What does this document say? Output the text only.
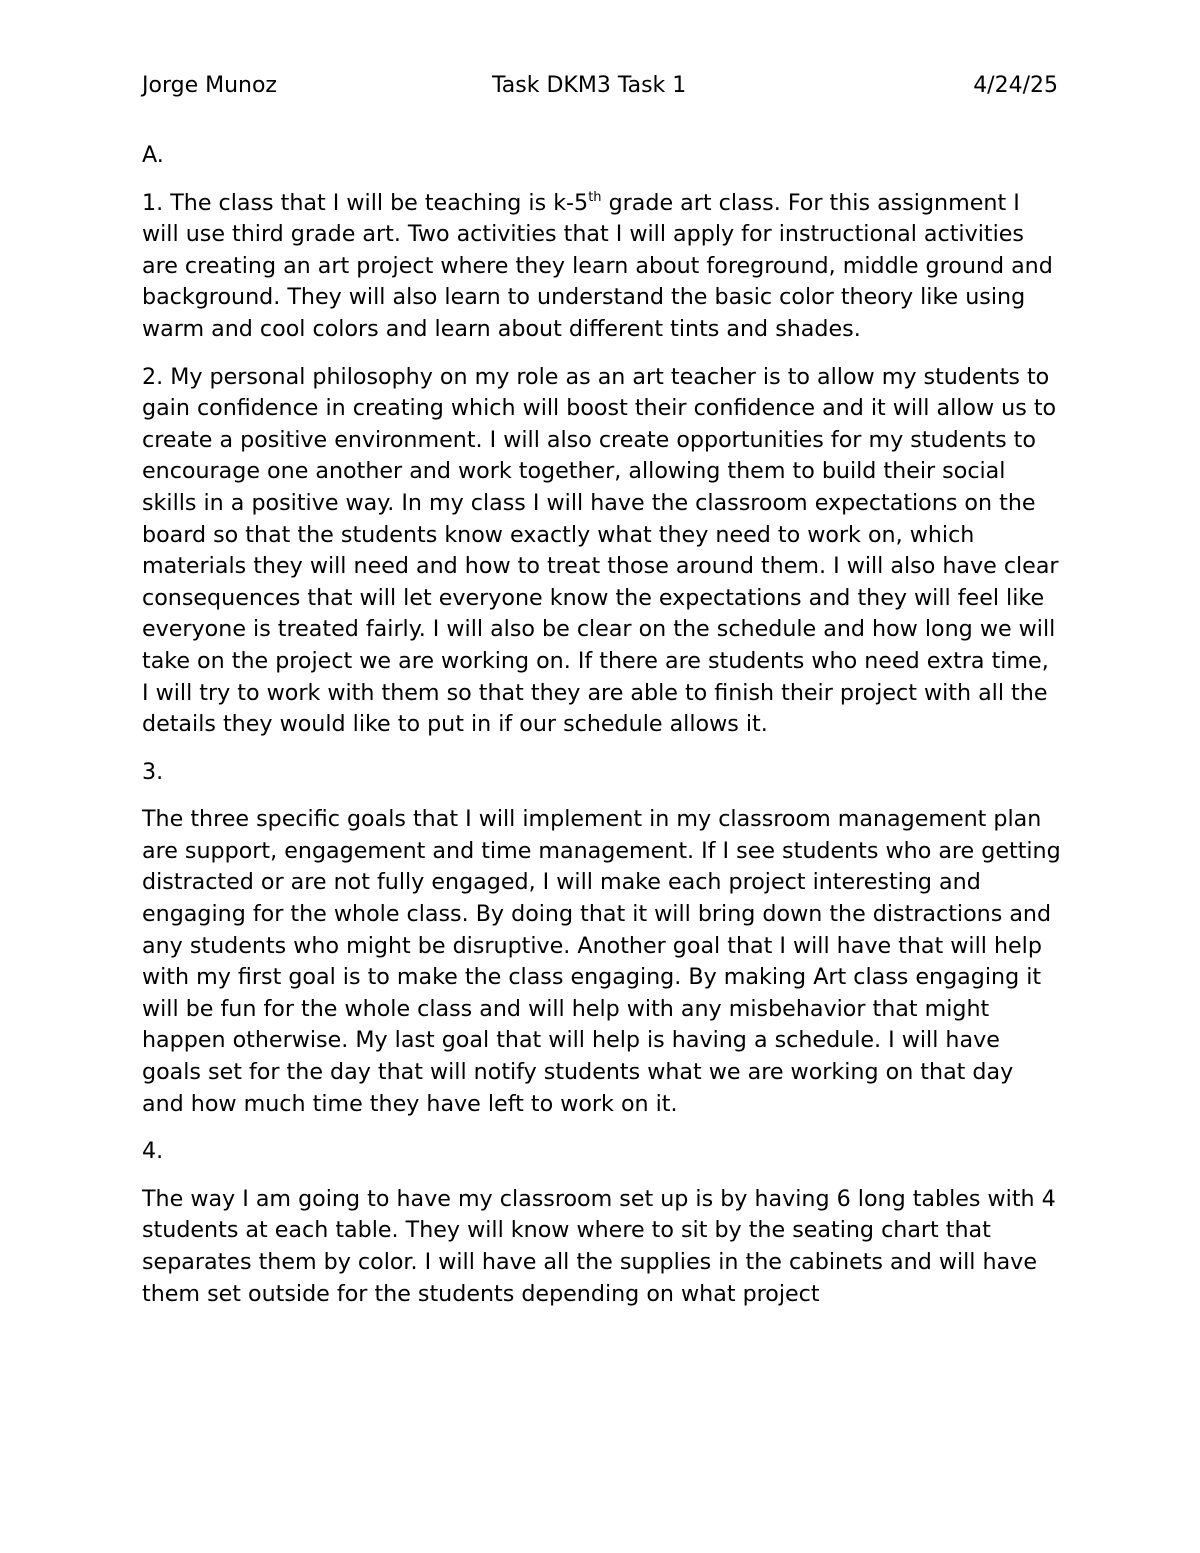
Jorge Munoz	Task DKM3 Task 1	4/24/25

A.

1. The class that I will be teaching is k-5th grade art class. For this assignment I will use third grade art. Two activities that I will apply for instructional activities are creating an art project where they learn about foreground, middle ground and background. They will also learn to understand the basic color theory like using warm and cool colors and learn about different tints and shades.

2. My personal philosophy on my role as an art teacher is to allow my students to gain confidence in creating which will boost their confidence and it will allow us to create a positive environment. I will also create opportunities for my students to encourage one another and work together, allowing them to build their social skills in a positive way. In my class I will have the classroom expectations on the board so that the students know exactly what they need to work on, which materials they will need and how to treat those around them. I will also have clear consequences that will let everyone know the expectations and they will feel like everyone is treated fairly. I will also be clear on the schedule and how long we will take on the project we are working on. If there are students who need extra time, I will try to work with them so that they are able to finish their project with all the details they would like to put in if our schedule allows it.

3.

The three specific goals that I will implement in my classroom management plan are support, engagement and time management. If I see students who are getting distracted or are not fully engaged, I will make each project interesting and engaging for the whole class. By doing that it will bring down the distractions and any students who might be disruptive. Another goal that I will have that will help with my first goal is to make the class engaging. By making Art class engaging it will be fun for the whole class and will help with any misbehavior that might happen otherwise. My last goal that will help is having a schedule. I will have goals set for the day that will notify students what we are working on that day and how much time they have left to work on it.

4.

The way I am going to have my classroom set up is by having 6 long tables with 4 students at each table. They will know where to sit by the seating chart that separates them by color. I will have all the supplies in the cabinets and will have them set outside for the students depending on what project
